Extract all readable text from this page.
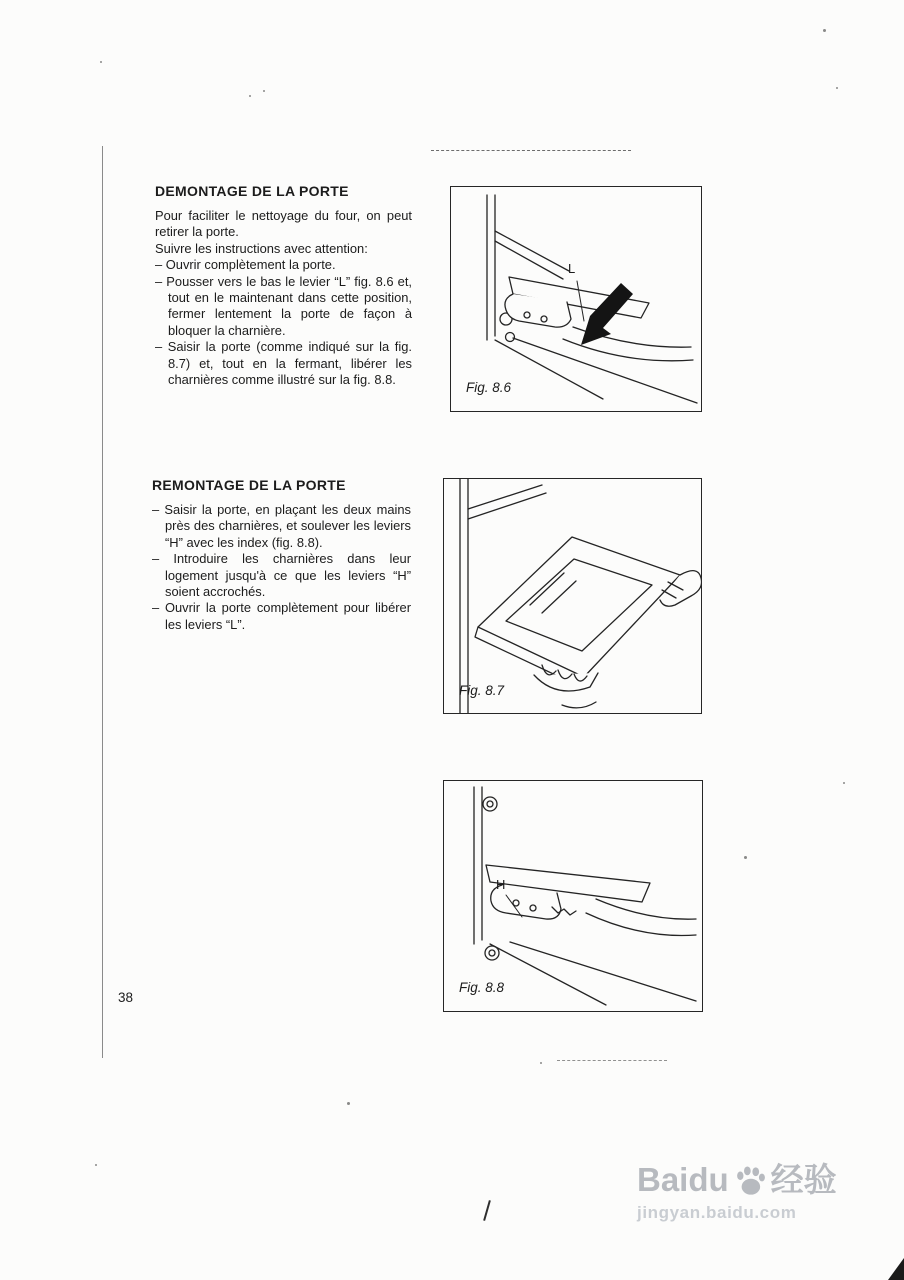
DEMONTAGE DE LA PORTE

Pour faciliter le nettoyage du four, on peut retirer la porte.

Suivre les instructions avec attention:

– Ouvrir complètement la porte.

– Pousser vers le bas le levier “L” fig. 8.6 et, tout en le maintenant dans cette position, fermer lentement la porte de façon à bloquer la charnière.

– Saisir la porte (comme indiqué sur la fig. 8.7) et, tout en la fermant, libérer les charnières comme illustré sur la fig. 8.8.

REMONTAGE DE LA PORTE

– Saisir la porte, en plaçant les deux mains près des charnières, et soulever les leviers “H” avec les index (fig. 8.8).

– Introduire les charnières dans leur logement jusqu'à ce que les leviers “H” soient accrochés.

– Ouvrir la porte complètement pour libérer les leviers “L”.

L
Fig. 8.6
Fig. 8.7
H
Fig. 8.8
38
Baidu 经验
jingyan.baidu.com
